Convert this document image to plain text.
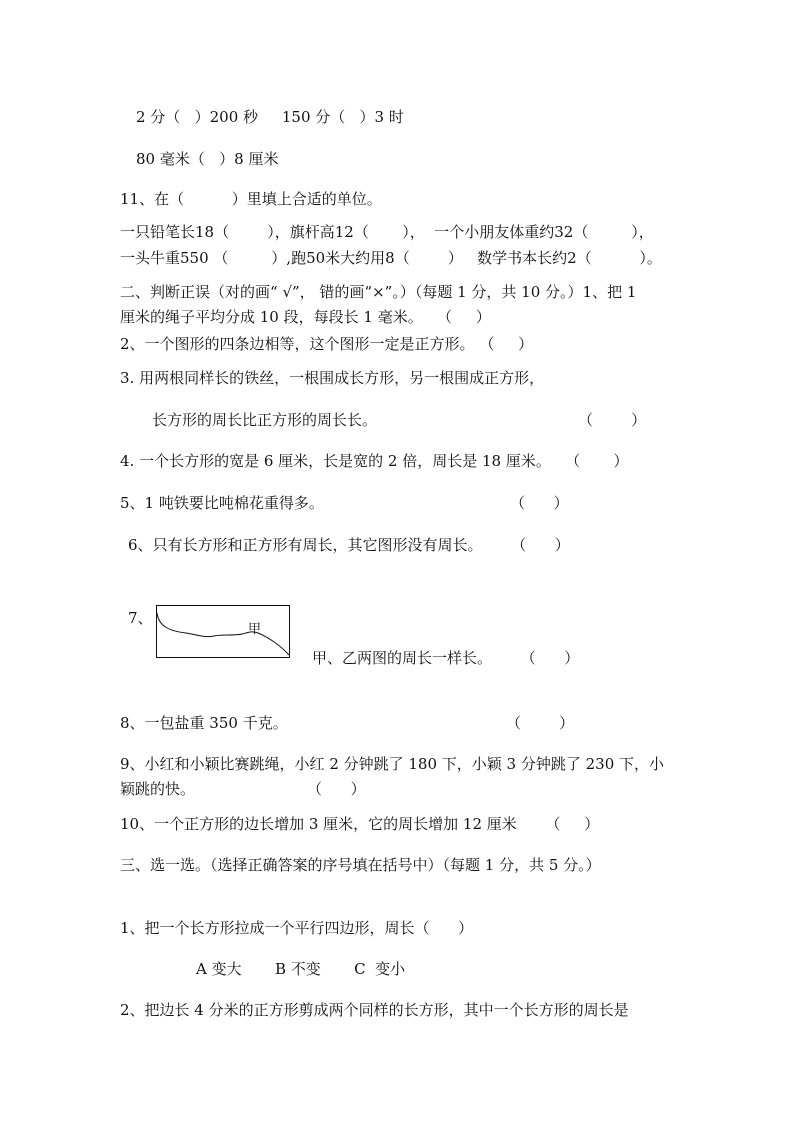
2 分（   ）200 秒     150 分（   ）3 时
80 毫米（   ）8 厘米
11、在（          ）里填上合适的单位。
一只铅笔长18（        ），旗杆高12（       ），  一个小朋友体重约32（         ），
一头牛重550 （         ）,跑50米大约用8（        ）   数学书本长约2（          ）。
二、判断正误（对的画“ √”， 错的画“×”。）（每题 1 分，共 10 分。）1、把 1
厘米的绳子平均分成 10 段，每段长 1 毫米。   （     ）
2、一个图形的四条边相等，这个图形一定是正方形。 （     ）
3. 用两根同样长的铁丝，一根围成长方形，另一根围成正方形，
长方形的周长比正方形的周长长。	（        ）
4. 一个长方形的宽是 6 厘米，长是宽的 2 倍，周长是 18 厘米。   （       ）
5、1 吨铁要比吨棉花重得多。	（      ）
6、只有长方形和正方形有周长，其它图形没有周长。      （      ）
7、
甲
甲、乙两图的周长一样长。      （      ）
8、一包盐重 350 千克。	（        ）
9、小红和小颖比赛跳绳，小红 2 分钟跳了 180 下，小颖 3 分钟跳了 230 下，小
颖跳的快。	（      ）
10、一个正方形的边长增加 3 厘米，它的周长增加 12 厘米      （     ）
三、选一选。（选择正确答案的序号填在括号中）（每题 1 分，共 5 分。）
1、把一个长方形拉成一个平行四边形，周长（      ）
A 变大       B 不变       C  变小
2、把边长 4 分米的正方形剪成两个同样的长方形，其中一个长方形的周长是
